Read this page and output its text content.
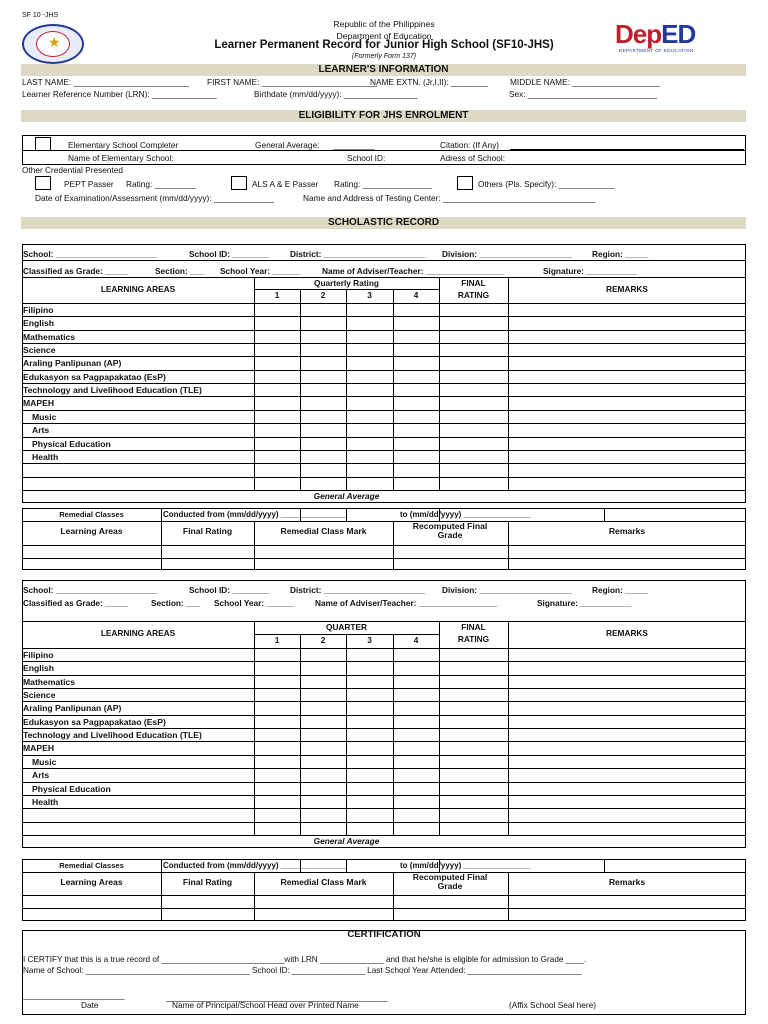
SF 10 -JHS
★
Republic of the Philippines
Department of Education
Learner Permanent Record for Junior High School (SF10-JHS)
(Formerly Form 137)
DepED
DEPARTMENT OF EDUCATION
LEARNER'S INFORMATION
LAST NAME: _________________________ FIRST NAME: _________________________
NAME EXTN. (Jr,I,II): ________	MIDDLE NAME: ___________________
Learner Reference Number (LRN): ______________	Birthdate (mm/dd/yyyy): ________________	Sex: ____________________________
ELIGIBILITY FOR JHS ENROLMENT
Elementary School Completer	General Average: _________	Citation: (If Any)
Name of Elementary School:	School ID:	Adress of School:
Other Credential Presented
PEPT Passer Rating: _________	ALS A & E Passer Rating: _______________	Others (Pls. Specify): ____________
Date of Examination/Assessment (mm/dd/yyyy): _____________	Name and Address of Testing Center: _________________________________
SCHOLASTIC RECORD
School: ______________________	School ID: ________	District: ______________________ Division: ____________________ Region: _____
Classified as Grade: _____	Section: ___ School Year: ______	Name of Adviser/Teacher: _________________	Signature: ___________
LEARNING AREAS
Quarterly Rating
1	2	3	4
FINAL
RATING
REMARKS
Filipino
English
Mathematics
Science
Araling Panlipunan (AP)
Edukasyon sa Pagpapakatao (EsP)
Technology and Livelihood Education (TLE)
MAPEH
Music
Arts
Physical Education
Health
General Average
Remedial Classes	Conducted from (mm/dd/yyyy) _______________	to (mm/dd/yyyy) _______________
Learning Areas	Final Rating	Remedial Class Mark	Recomputed Final Grade	Remarks
School: ______________________	School ID: ________	District: ______________________ Division: ____________________ Region: _____
Classified as Grade: _____	Section: ___ School Year: ______	Name of Adviser/Teacher: _________________	Signature: ___________
LEARNING AREAS
QUARTER
1	2	3	4
FINAL
RATING
REMARKS
Filipino
English
Mathematics
Science
Araling Panlipunan (AP)
Edukasyon sa Pagpapakatao (EsP)
Technology and Livelihood Education (TLE)
MAPEH
Music
Arts
Physical Education
Health
General Average
Remedial Classes	Conducted from (mm/dd/yyyy) _______________	to (mm/dd/yyyy) _______________
Learning Areas	Final Rating	Remedial Class Mark	Recomputed Final Grade	Remarks
CERTIFICATION
I CERTIFY that this is a true record of ___________________________with LRN ______________ and that he/she is eligible for admission to Grade ____.
Name of School: ____________________________________ School ID: ________________ Last School Year Attended: _________________________
______________________	________________________________________________
Date	Name of Principal/School Head over Printed Name	(Affix School Seal here)
